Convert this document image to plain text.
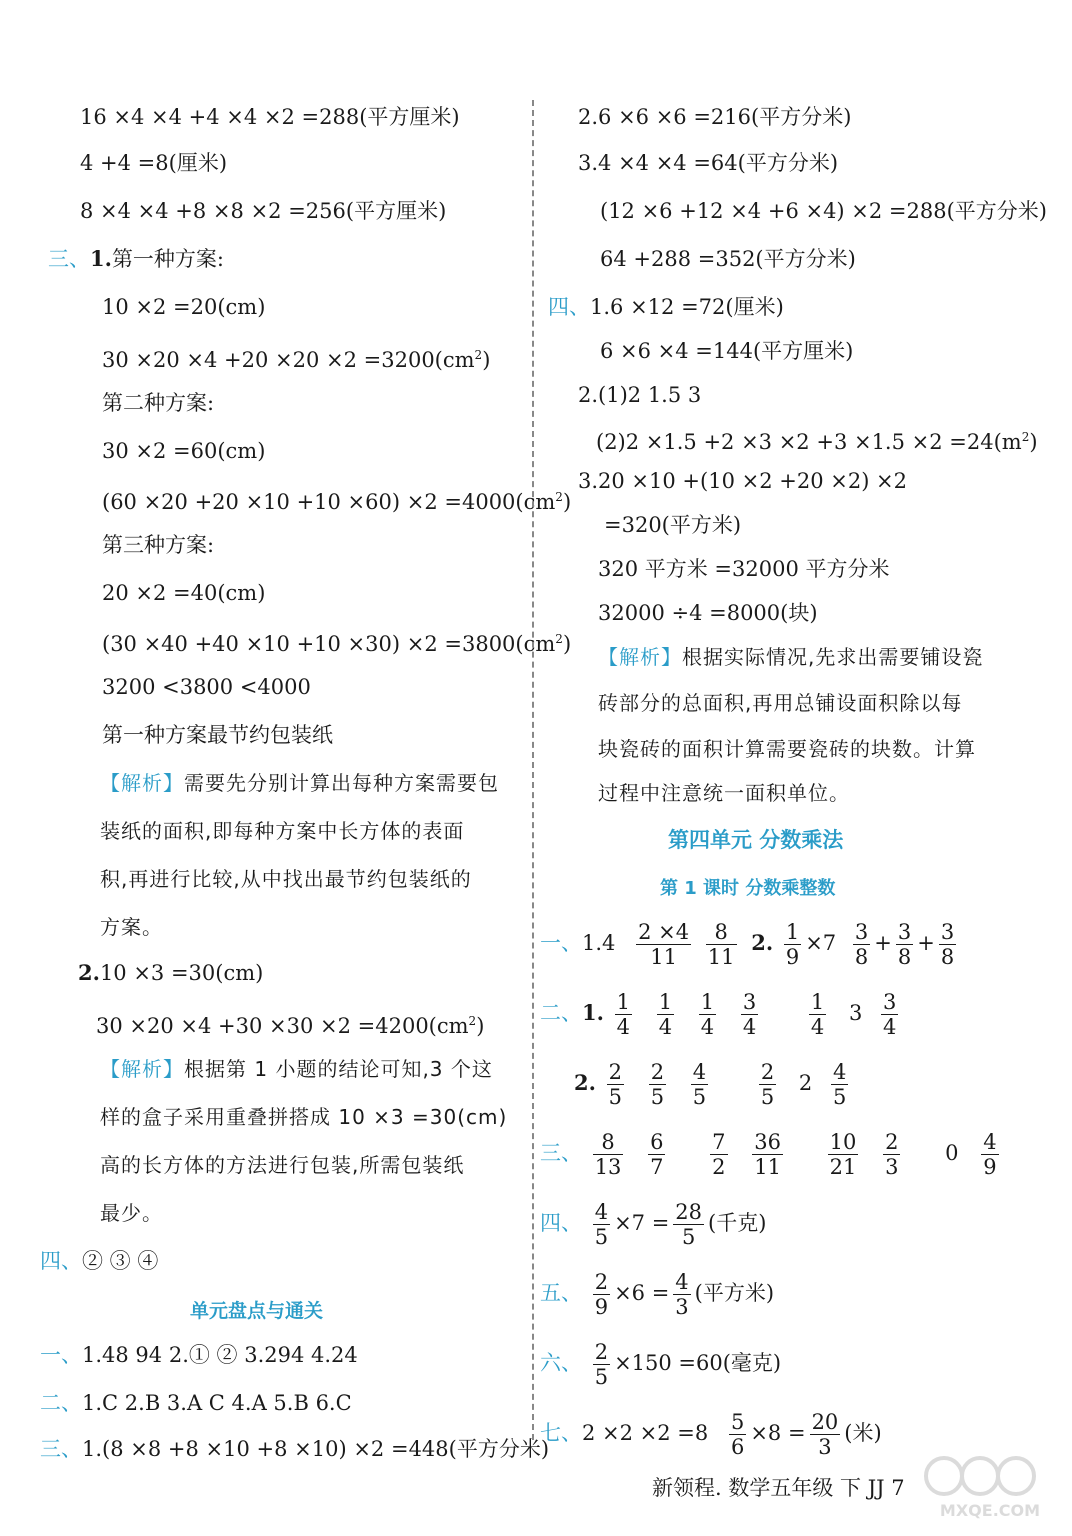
16 ×4 ×4 +4 ×4 ×2 =288(平方厘米)
4 +4 =8(厘米)
8 ×4 ×4 +8 ×8 ×2 =256(平方厘米)
三、1.第一种方案:
10 ×2 =20(cm)
$30 \times 20 \times 4 +20 \times 20 \times 2 =3200(cm^2)$
第二种方案:
30 ×2 =60(cm)
$(60 \times 20 +20 \times 10 +10 \times 60) \times 2 =4000(cm^2)$
第三种方案:
20 ×2 =40(cm)
$(30 \times 40 +40 \times 10 +10 \times 30) \times 2 =3800(cm^2)$
3200 <3800 <4000
第一种方案最节约包装纸
【解析】需要先分别计算出每种方案需要包
装纸的面积,即每种方案中长方体的表面
积,再进行比较,从中找出最节约包装纸的
方案。
2.10 ×3 =30(cm)
$30 \times 20 \times 4 +30 \times 30 \times 2 =4200(cm^2)$
【解析】根据第 1 小题的结论可知,3 个这
样的盒子采用重叠拼搭成 10 ×3 =30(cm)
高的长方体的方法进行包装,所需包装纸
最少。
四、② ③ ④
单元盘点与通关
一、1.48 94 2.① ② 3.294 4.24
二、1.C 2.B 3.A C 4.A 5.B 6.C
三、1.(8 ×8 +8 ×10 +8 ×10) ×2 =448(平方分米)
2.6 ×6 ×6 =216(平方分米)
3.4 ×4 ×4 =64(平方分米)
(12 ×6 +12 ×4 +6 ×4) ×2 =288(平方分米)
64 +288 =352(平方分米)
四、1.6 ×12 =72(厘米)
6 ×6 ×4 =144(平方厘米)
2.(1)2 1.5 3
$(2)2 \times 1.5 +2 \times 3 \times 2 +3 \times 1.5 \times 2 =24(m^2)$
3.20 ×10 +(10 ×2 +20 ×2) ×2
=320(平方米)
320 平方米 =32000 平方分米
32000 ÷4 =8000(块)
【解析】根据实际情况,先求出需要铺设瓷
砖部分的总面积,再用总铺设面积除以每
块瓷砖的面积计算需要瓷砖的块数。计算
过程中注意统一面积单位。
第四单元 分数乘法
第 1 课时 分数乘整数
一、$1.4 \frac{2 \times 4}{11}$
$\frac{8}{11} 2$. $\frac{1}{9} \times 7 \frac{3}{8} + \frac{3}{8} + \frac{3}{8}$
二、1. $\frac{1}{4}$
$\frac{1}{4}$
$\frac{1}{4}$
$\frac{3}{4}$
$\frac{1}{4} 3 \frac{3}{4}$
2. $\frac{2}{5}$
$\frac{2}{5}$
$\frac{4}{5}$
$\frac{2}{5} 2 \frac{4}{5}$
三、 $\frac{8}{13}$
$\frac{6}{7}$
$\frac{7}{2}$
$\frac{36}{11}$
$\frac{10}{21}$
$\frac{2}{3} 0 \frac{4}{9}$
四、 $\frac{4}{5} \times 7 = \frac{28}{5}$ (千克)
五、 $\frac{2}{9} \times 6 = \frac{4}{3}$ (平方米)
六、 $\frac{2}{5} \times 150 =60$(毫克)
七、$2 \times 2 \times 2 =8 \frac{5}{6} \times 8 = \frac{20}{3}$ (米)
新领程. 数学五年级 下 JJ 7
MXQE.COM
